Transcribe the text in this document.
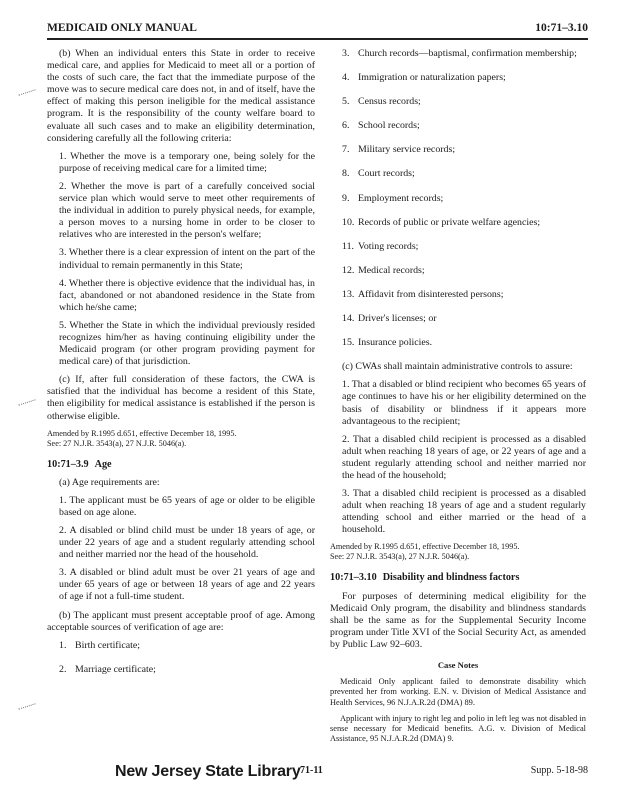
MEDICAID ONLY MANUAL	10:71–3.10

(b) When an individual enters this State in order to receive medical care, and applies for Medicaid to meet all or a portion of the costs of such care, the fact that the immediate purpose of the move was to secure medical care does not, in and of itself, have the effect of making this person ineligible for the medical assistance program. It is the responsibility of the county welfare board to evaluate all such cases and to make an eligibility determination, considering carefully all the following criteria:

1. Whether the move is a temporary one, being solely for the purpose of receiving medical care for a limited time;

2. Whether the move is part of a carefully conceived social service plan which would serve to meet other requirements of the individual in addition to purely physical needs, for example, a person moves to a nursing home in order to be closer to relatives who are interested in the person's welfare;

3. Whether there is a clear expression of intent on the part of the individual to remain permanently in this State;

4. Whether there is objective evidence that the individual has, in fact, abandoned or not abandoned residence in the State from which he/she came;

5. Whether the State in which the individual previously resided recognizes him/her as having continuing eligibility under the Medicaid program (or other program providing payment for medical care) of that jurisdiction.

(c) If, after full consideration of these factors, the CWA is satisfied that the individual has become a resident of this State, then eligibility for medical assistance is established if the person is otherwise eligible.

Amended by R.1995 d.651, effective December 18, 1995.
See: 27 N.J.R. 3543(a), 27 N.J.R. 5046(a).
10:71–3.9 Age

(a) Age requirements are:

1. The applicant must be 65 years of age or older to be eligible based on age alone.

2. A disabled or blind child must be under 18 years of age, or under 22 years of age and a student regularly attending school and neither married nor the head of the household.

3. A disabled or blind adult must be over 21 years of age and under 65 years of age or between 18 years of age and 22 years of age if not a full-time student.

(b) The applicant must present acceptable proof of age. Among acceptable sources of verification of age are:

1. Birth certificate;

2. Marriage certificate;

3. Church records—baptismal, confirmation membership;

4. Immigration or naturalization papers;

5. Census records;

6. School records;

7. Military service records;

8. Court records;

9. Employment records;

10. Records of public or private welfare agencies;

11. Voting records;

12. Medical records;

13. Affidavit from disinterested persons;

14. Driver's licenses; or

15. Insurance policies.

(c) CWAs shall maintain administrative controls to assure:

1. That a disabled or blind recipient who becomes 65 years of age continues to have his or her eligibility determined on the basis of disability or blindness if it appears more advantageous to the recipient;

2. That a disabled child recipient is processed as a disabled adult when reaching 18 years of age, or 22 years of age and a student regularly attending school and neither married nor the head of the household;

3. That a disabled child recipient is processed as a disabled adult when reaching 18 years of age and a student regularly attending school and either married or the head of a household.

Amended by R.1995 d.651, effective December 18, 1995.
See: 27 N.J.R. 3543(a), 27 N.J.R. 5046(a).
10:71–3.10 Disability and blindness factors

For purposes of determining medical eligibility for the Medicaid Only program, the disability and blindness standards shall be the same as for the Supplemental Security Income program under Title XVI of the Social Security Act, as amended by Public Law 92–603.

Case Notes

Medicaid Only applicant failed to demonstrate disability which prevented her from working. E.N. v. Division of Medical Assistance and Health Services, 96 N.J.A.R.2d (DMA) 89.

Applicant with injury to right leg and polio in left leg was not disabled in sense necessary for Medicaid benefits. A.G. v. Division of Medical Assistance, 95 N.J.A.R.2d (DMA) 9.

New Jersey State Library 71-11	Supp. 5-18-98
